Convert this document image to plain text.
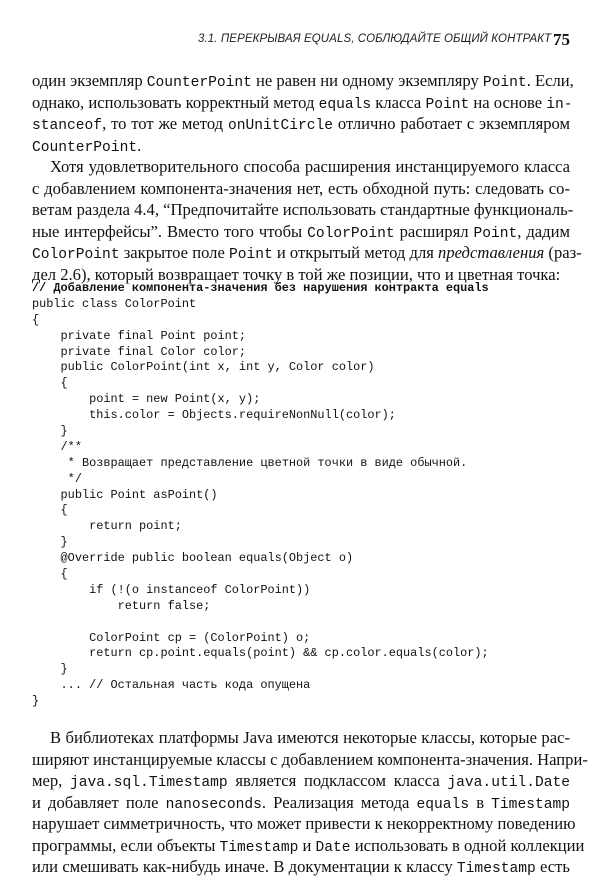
3.1. ПЕРЕКРЫВАЯ EQUALS, СОБЛЮДАЙТЕ ОБЩИЙ КОНТРАКТ 75
один экземпляр CounterPoint не равен ни одному экземпляру Point. Если,
однако, использовать корректный метод equals класса Point на основе in-
stanceof, то тот же метод onUnitCircle отлично работает с экземпляром
CounterPoint.
Хотя удовлетворительного способа расширения инстанцируемого класса
с добавлением компонента-значения нет, есть обходной путь: следовать со-
ветам раздела 4.4, “Предпочитайте использовать стандартные функциональ-
ные интерфейсы”. Вместо того чтобы ColorPoint расширял Point, дадим
ColorPoint закрытое поле Point и открытый метод для представления (раз-
дел 2.6), который возвращает точку в той же позиции, что и цветная точка:
// Добавление компонента-значения без нарушения контракта equals
public class ColorPoint
{
private final Point point;
private final Color color;
public ColorPoint(int x, int y, Color color)
{
point = new Point(x, y);
this.color = Objects.requireNonNull(color);
}
/**
* Возвращает представление цветной точки в виде обычной.
*/
public Point asPoint()
{
return point;
}
@Override public boolean equals(Object o)
{
if (!(o instanceof ColorPoint))
return false;
ColorPoint cp = (ColorPoint) o;
return cp.point.equals(point) && cp.color.equals(color);
}
... // Остальная часть кода опущена
}
В библиотеках платформы Java имеются некоторые классы, которые рас-
ширяют инстанцируемые классы с добавлением компонента-значения. Напри-
мер, java.sql.Timestamp является подклассом класса java.util.Date
и добавляет поле nanoseconds. Реализация метода equals в Timestamp
нарушает симметричность, что может привести к некорректному поведению
программы, если объекты Timestamp и Date использовать в одной коллекции
или смешивать как-нибудь иначе. В документации к классу Timestamp есть
